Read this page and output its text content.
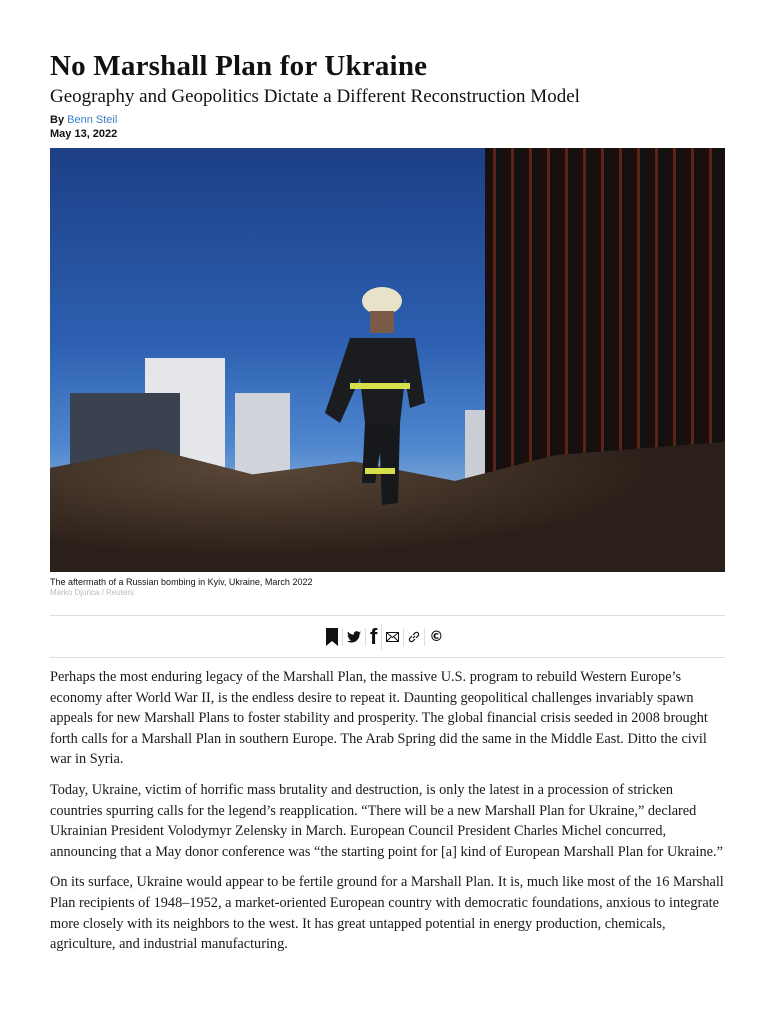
No Marshall Plan for Ukraine

Geography and Geopolitics Dictate a Different Reconstruction Model

By Benn Steil
May 13, 2022
The aftermath of a Russian bombing in Kyiv, Ukraine, March 2022
Marko Djurica / Reuters
f	©

Perhaps the most enduring legacy of the Marshall Plan, the massive U.S. program to rebuild Western Europe’s economy after World War II, is the endless desire to repeat it. Daunting geopolitical challenges invariably spawn appeals for new Marshall Plans to foster stability and prosperity. The global financial crisis seeded in 2008 brought forth calls for a Marshall Plan in southern Europe. The Arab Spring did the same in the Middle East. Ditto the civil war in Syria.

Today, Ukraine, victim of horrific mass brutality and destruction, is only the latest in a procession of stricken countries spurring calls for the legend’s reapplication. “There will be a new Marshall Plan for Ukraine,” declared Ukrainian President Volodymyr Zelensky in March. European Council President Charles Michel concurred, announcing that a May donor conference was “the starting point for [a] kind of European Marshall Plan for Ukraine.”

On its surface, Ukraine would appear to be fertile ground for a Marshall Plan. It is, much like most of the 16 Marshall Plan recipients of 1948–1952, a market-oriented European country with democratic foundations, anxious to integrate more closely with its neighbors to the west. It has great untapped potential in energy production, chemicals, agriculture, and industrial manufacturing.
